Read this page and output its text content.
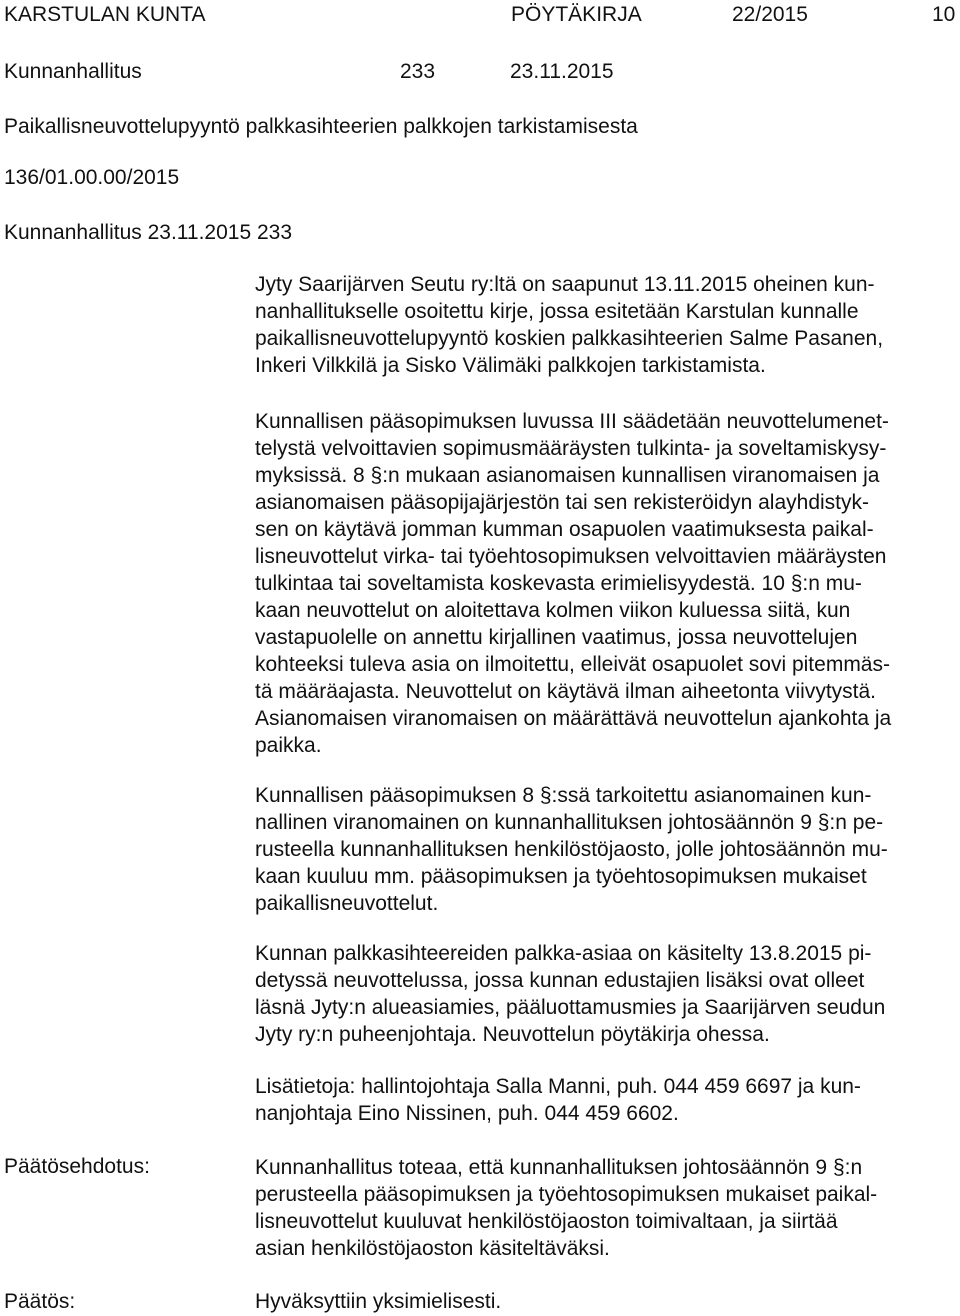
KARSTULAN KUNTA	PÖYTÄKIRJA	22/2015	10
Kunnanhallitus	233	23.11.2015
Paikallisneuvottelupyyntö palkkasihteerien palkkojen tarkistamisesta
136/01.00.00/2015
Kunnanhallitus 23.11.2015 233

Jyty Saarijärven Seutu ry:ltä on saapunut 13.11.2015 oheinen kun-
nanhallitukselle osoitettu kirje, jossa esitetään Karstulan kunnalle
paikallisneuvottelupyyntö koskien palkkasihteerien Salme Pasanen,
Inkeri Vilkkilä ja Sisko Välimäki palkkojen tarkistamista.

Kunnallisen pääsopimuksen luvussa III säädetään neuvottelumenet-
telystä velvoittavien sopimusmääräysten tulkinta- ja soveltamiskysy-
myksissä. 8 §:n mukaan asianomaisen kunnallisen viranomaisen ja
asianomaisen pääsopijajärjestön tai sen rekisteröidyn alayhdistyk-
sen on käytävä jomman kumman osapuolen vaatimuksesta paikal-
lisneuvottelut virka- tai työehtosopimuksen velvoittavien määräysten
tulkintaa tai soveltamista koskevasta erimielisyydestä. 10 §:n mu-
kaan neuvottelut on aloitettava kolmen viikon kuluessa siitä, kun
vastapuolelle on annettu kirjallinen vaatimus, jossa neuvottelujen
kohteeksi tuleva asia on ilmoitettu, elleivät osapuolet sovi pitemmäs-
tä määräajasta. Neuvottelut on käytävä ilman aiheetonta viivytystä.
Asianomaisen viranomaisen on määrättävä neuvottelun ajankohta ja
paikka.

Kunnallisen pääsopimuksen 8 §:ssä tarkoitettu asianomainen kun-
nallinen viranomainen on kunnanhallituksen johtosäännön 9 §:n pe-
rusteella kunnanhallituksen henkilöstöjaosto, jolle johtosäännön mu-
kaan kuuluu mm. pääsopimuksen ja työehtosopimuksen mukaiset
paikallisneuvottelut.

Kunnan palkkasihteereiden palkka-asiaa on käsitelty 13.8.2015 pi-
detyssä neuvottelussa, jossa kunnan edustajien lisäksi ovat olleet
läsnä Jyty:n alueasiamies, pääluottamusmies ja Saarijärven seudun
Jyty ry:n puheenjohtaja. Neuvottelun pöytäkirja ohessa.

Lisätietoja: hallintojohtaja Salla Manni, puh. 044 459 6697 ja kun-
nanjohtaja Eino Nissinen, puh. 044 459 6602.

Päätösehdotus:	Kunnanhallitus toteaa, että kunnanhallituksen johtosäännön 9 §:n
perusteella pääsopimuksen ja työehtosopimuksen mukaiset paikal-
lisneuvottelut kuuluvat henkilöstöjaoston toimivaltaan, ja siirtää
asian henkilöstöjaoston käsiteltäväksi.

Päätös:	Hyväksyttiin yksimielisesti.
